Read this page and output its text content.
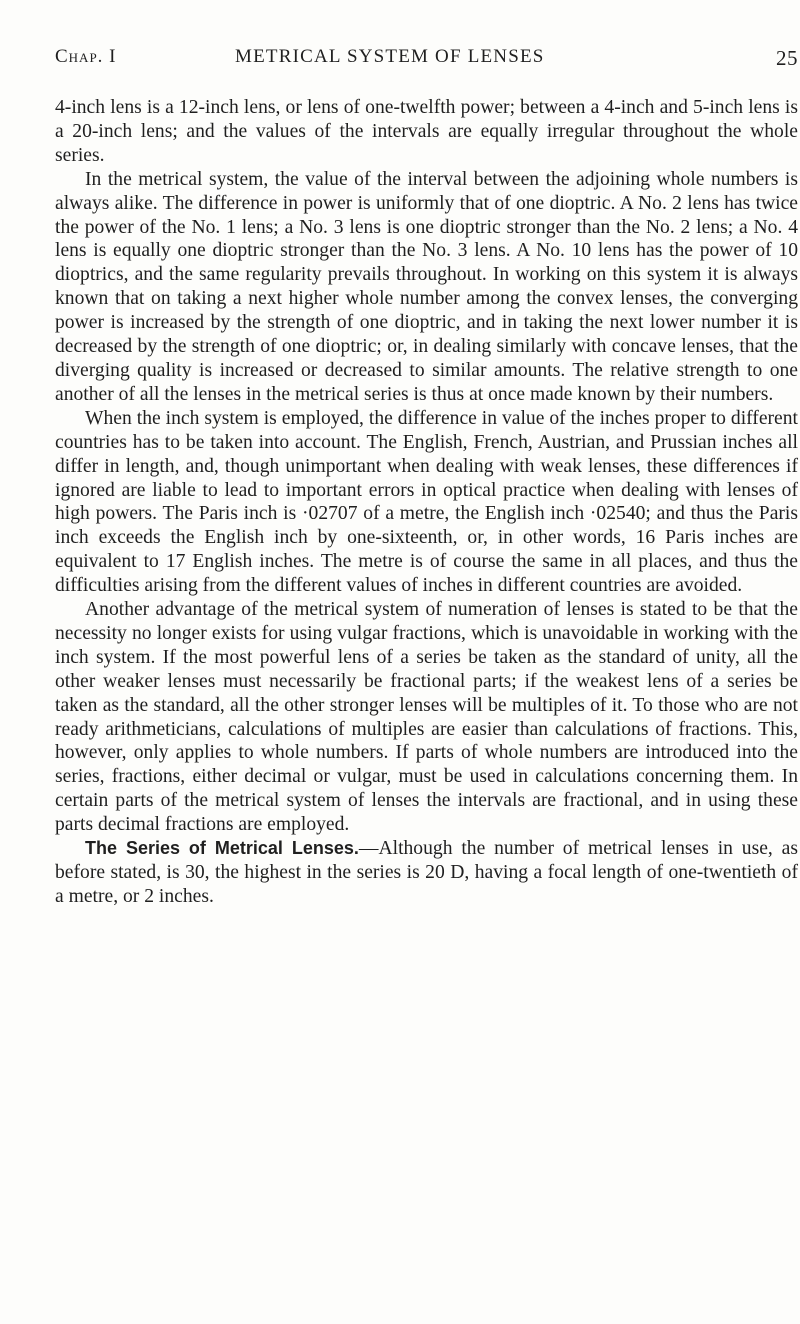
Chap. I	METRICAL SYSTEM OF LENSES	25

4-inch lens is a 12-inch lens, or lens of one-twelfth power; between a 4-inch and 5-inch lens is a 20-inch lens; and the values of the intervals are equally irregular throughout the whole series.

In the metrical system, the value of the interval between the adjoining whole numbers is always alike. The difference in power is uniformly that of one dioptric. A No. 2 lens has twice the power of the No. 1 lens; a No. 3 lens is one dioptric stronger than the No. 2 lens; a No. 4 lens is equally one dioptric stronger than the No. 3 lens. A No. 10 lens has the power of 10 dioptrics, and the same regularity prevails throughout. In working on this system it is always known that on taking a next higher whole number among the convex lenses, the converging power is increased by the strength of one dioptric, and in taking the next lower number it is decreased by the strength of one dioptric; or, in dealing similarly with concave lenses, that the diverging quality is increased or decreased to similar amounts. The relative strength to one another of all the lenses in the metrical series is thus at once made known by their numbers.

When the inch system is employed, the difference in value of the inches proper to different countries has to be taken into account. The English, French, Austrian, and Prussian inches all differ in length, and, though unimportant when dealing with weak lenses, these differences if ignored are liable to lead to important errors in optical practice when dealing with lenses of high powers. The Paris inch is ·02707 of a metre, the English inch ·02540; and thus the Paris inch exceeds the English inch by one-sixteenth, or, in other words, 16 Paris inches are equivalent to 17 English inches. The metre is of course the same in all places, and thus the difficulties arising from the different values of inches in different countries are avoided.

Another advantage of the metrical system of numeration of lenses is stated to be that the necessity no longer exists for using vulgar fractions, which is unavoidable in working with the inch system. If the most powerful lens of a series be taken as the standard of unity, all the other weaker lenses must necessarily be fractional parts; if the weakest lens of a series be taken as the standard, all the other stronger lenses will be multiples of it. To those who are not ready arithmeticians, calculations of multiples are easier than calculations of fractions. This, however, only applies to whole numbers. If parts of whole numbers are introduced into the series, fractions, either decimal or vulgar, must be used in calculations concerning them. In certain parts of the metrical system of lenses the intervals are fractional, and in using these parts decimal fractions are employed.

The Series of Metrical Lenses.—Although the number of metrical lenses in use, as before stated, is 30, the highest in the series is 20 D, having a focal length of one-twentieth of a metre, or 2 inches.
